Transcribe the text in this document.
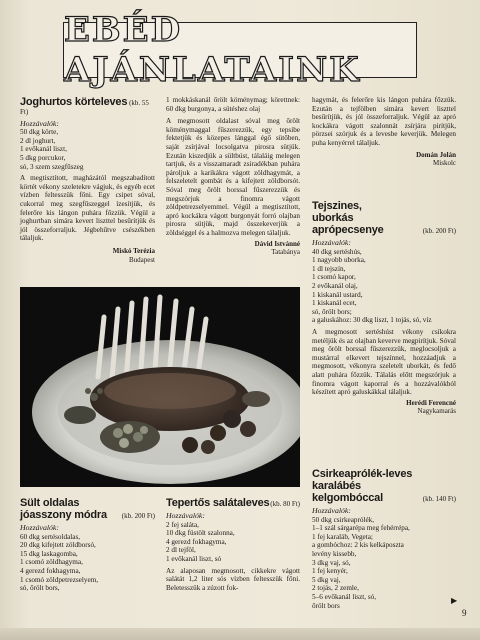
EBÉD AJÁNLATAINK
Joghurtos körteleves (kb. 55 Ft)
Hozzávalók:
50 dkg körte,
2 dl joghurt,
1 evőkanál liszt,
5 dkg porcukor,
só, 3 szem szegfűszeg
A megtisztított, magházától megszabadított körtét vékony szeletekre vágjuk, és egyéb ecet vízben feltesszük főni. Egy csipet sóval, cukorral meg szegfűszeggel ízesítjük, és felerőre kis lángon puhára főzzük. Végül a joghurtban simára kevert liszttel besűrítjük és jól összeforraljuk. Jégbehűtve csészékben tálaljuk.
Miskó Terézia
Budapest
1 mokkáskanál őrölt köménymag; körettnek: 60 dkg burgonya, a sütéshez olaj
A megmosott oldalast sóval meg őrölt köménymaggal fűszerezzük, egy tepsibe fektetjük és közepes lánggal égő sütőben, saját zsírjával locsolgatva pirosra sütjük. Ezután kiszedjük a sültbúst, tálaláig melegen tartjuk, és a visszamaradt zsiradékban puhára pároljuk a karikákra vágott zöldhagymát, a felszeletelt gombát és a kifejtett zöldborsót. Sóval meg őrölt borssal fűszerezzük és megszórjuk a finomra vágott zöldpetrezselyemmel. Végül a megtisztított, apró kockákra vágott burgonyát forró olajban pirosra sütjük, majd összekeverjük a zöldséggel és a halmozva melegen tálaljuk.
Dávid Istvánné
Tatabánya
hagymát, és felerőre kis lángon puhára főzzük. Ezután a tejfölben simára kevert liszttel besűrítjük, és jól összeforraljuk. Végül az apró kockákra vágott szalonnát zsírjára pirítjük, pörzsei szórjuk és a levesbe keverjük. Melegen puha kenyérrel tálaljuk.
Domán Jolán
Miskolc
Tejszines,
uborkás
aprópecsenye	(kb. 200 Ft)
Hozzávalók:
40 dkg sertéshús,
1 nagyobb uborka,
1 dl tejszín,
1 csomó kapor,
2 evőkanál olaj,
1 kiskanál ustard,
1 kiskanál ecet,
só, őrölt bors;
a galuskához: 30 dkg liszt, 1 tojás, só, víz
A megmosott sertéshúst vékony csíkokra metéljük és az olajban keverve megpirítjuk. Sóval meg őrölt borssal fűszerezzük, meglocsoljuk a mustárral elkevert tejszínnel, hozzáadjuk a megmosott, vékonyra szeletelt uborkát, és fedő alatt puhára főzzük. Tálalás előtt megszórjuk a finomra vágott kaporral és a hozzávalókból készített apró galuskákkal tálaljuk.
Herédi Ferencné
Nagykamarás
Csirkeaprólék-leves
karalábés
kelgombóccal	(kb. 140 Ft)
Hozzávalók:
50 dkg csirkeaprólék,
1–1 szál sárgarépa meg fehérrépa,
1 fej karaláb, Vegeta;
a gombóchoz: 2 kis kelkáposzta
levény kissebb,
3 dkg vaj, só,
1 fej kenyér,
5 dkg vaj,
2 tojás, 2 zemle,
5–6 evőkanál liszt, só,
őrölt bors
Sült oldalas
jóasszony módra (kb. 200 Ft)
Hozzávalók:
60 dkg sertésoldalas,
20 dkg kifejtett zöldborsó,
15 dkg laskagomba,
1 csomó zöldhagyma,
4 gerezd fokhagyma,
1 csomó zöldpetrezselyem,
só, őrölt bors,
Tepertős salátaleves (kb. 80 Ft)
Hozzávalók:
2 fej saláta,
10 dkg füstölt szalonna,
4 gerezd fokhagyma,
2 dl tejföl,
1 evőkanál liszt, só
Az alaposan megmosott, cikkekre vágott salátát 1,2 liter sós vízben feltesszük főni. Beletesszük a zúzott fok-
▶
9
